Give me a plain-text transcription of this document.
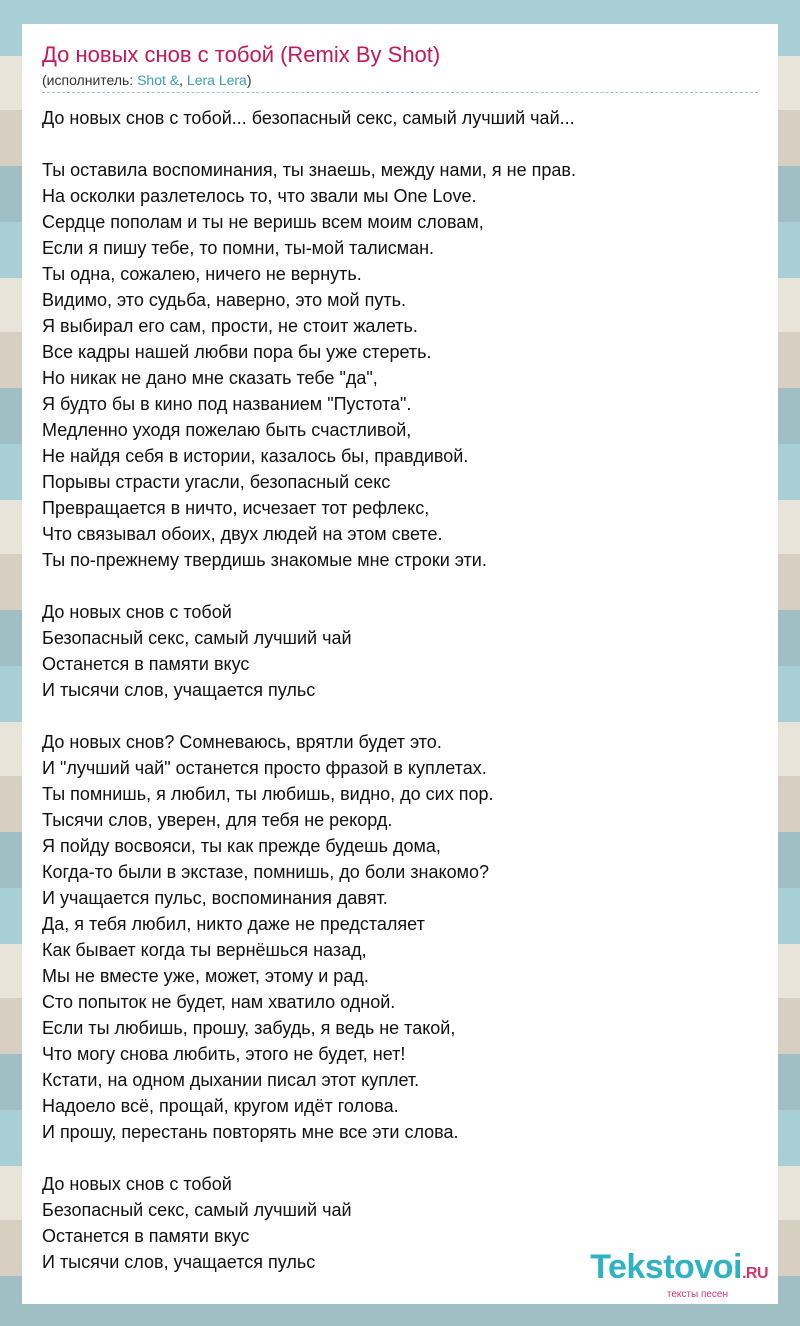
До новых снов с тобой (Remix By Shot)
(исполнитель: Shot &, Lera Lera)
До новых снов с тобой... безопасный секс, самый лучший чай...
Ты оставила воспоминания, ты знаешь, между нами, я не прав.
На осколки разлетелось то, что звали мы One Love.
Сердце пополам и ты не веришь всем моим словам,
Если я пишу тебе, то помни, ты-мой талисман.
Ты одна, сожалею, ничего не вернуть.
Видимо, это судьба, наверно, это мой путь.
Я выбирал его сам, прости, не стоит жалеть.
Все кадры нашей любви пора бы уже стереть.
Но никак не дано мне сказать тебе "да",
Я будто бы в кино под названием "Пустота".
Медленно уходя пожелаю быть счастливой,
Не найдя себя в истории, казалось бы, правдивой.
Порывы страсти угасли, безопасный секс
Превращается в ничто, исчезает тот рефлекс,
Что связывал обоих, двух людей на этом свете.
Ты по-прежнему твердишь знакомые мне строки эти.
До новых снов с тобой
Безопасный секс, самый лучший чай
Останется в памяти вкус
И тысячи слов, учащается пульс
До новых снов? Сомневаюсь, врятли будет это.
И "лучший чай" останется просто фразой в куплетах.
Ты помнишь, я любил, ты любишь, видно, до сих пор.
Тысячи слов, уверен, для тебя не рекорд.
Я пойду восвояси, ты как прежде будешь дома,
Когда-то были в экстазе, помнишь, до боли знакомо?
И учащается пульс, воспоминания давят.
Да, я тебя любил, никто даже не предсталяет
Как бывает когда ты вернёшься назад,
Мы не вместе уже, может, этому и рад.
Сто попыток не будет, нам хватило одной.
Если ты любишь, прошу, забудь, я ведь не такой,
Что могу снова любить, этого не будет, нет!
Кстати, на одном дыхании писал этот куплет.
Надоело всё, прощай, кругом идёт голова.
И прошу, перестань повторять мне все эти слова.
До новых снов с тобой
Безопасный секс, самый лучший чай
Останется в памяти вкус
И тысячи слов, учащается пульс	Tekstovoi.RU
тексты песен
